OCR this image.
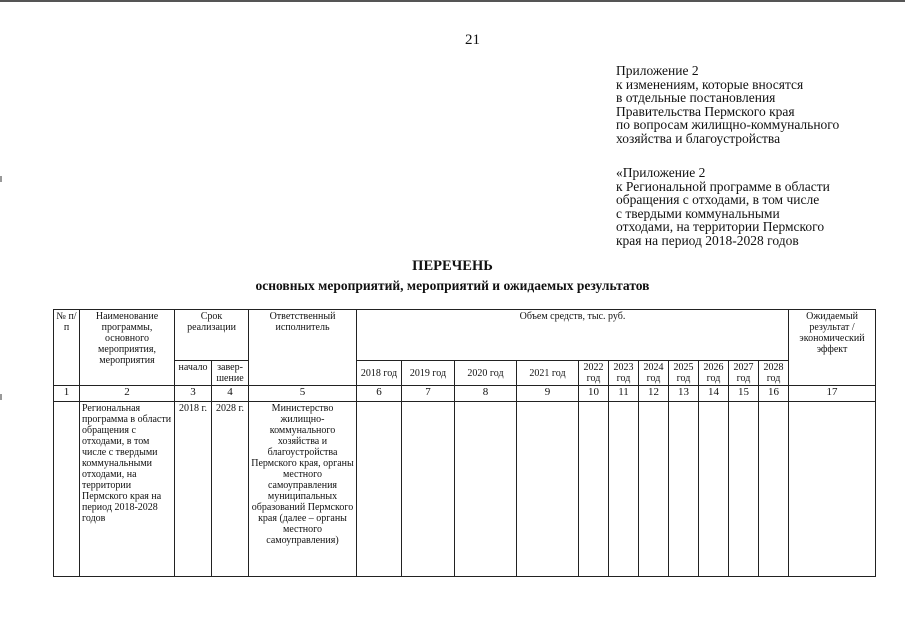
21
Приложение 2
к изменениям, которые вносятся
в отдельные постановления
Правительства Пермского края
по вопросам жилищно-коммунального
хозяйства и благоустройства
«Приложение 2
к Региональной программе в области
обращения с отходами, в том числе
с твердыми коммунальными
отходами, на территории Пермского
края на период 2018-2028 годов
ПЕРЕЧЕНЬ
основных мероприятий, мероприятий и ожидаемых результатов
№ п/п	Наименование программы, основного мероприятия, мероприятия	Срок реализации		Ответственный исполнитель	Объем средств, тыс. руб.											Ожидаемый результат / экономический эффект
		начало	завер-шение		2018 год	2019 год	2020 год	2021 год	2022 год	2023 год	2024 год	2025 год	2026 год	2027 год	2028 год	
1	2	3	4	5	6	7	8	9	10	11	12	13	14	15	16	17
	Региональная программа в области обращения с отходами, в том числе с твердыми коммунальными отходами, на территории Пермского края на период 2018-2028 годов	2018 г.	2028 г.	Министерство жилищно-коммунального хозяйства и благоустройства Пермского края, органы местного самоуправления муниципальных образований Пермского края (далее – органы местного самоуправления)												
